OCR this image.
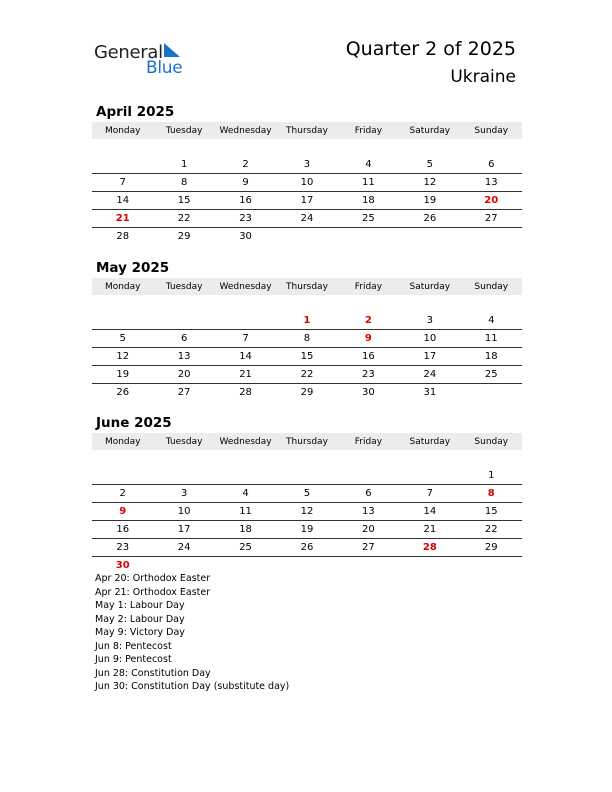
General
Blue
Quarter 2 of 2025
Ukraine
April 2025
Monday	Tuesday	Wednesday	Thursday	Friday	Saturday	Sunday

	1	2	3	4	5	6
7	8	9	10	11	12	13
14	15	16	17	18	19	20
21	22	23	24	25	26	27
28	29	30				
May 2025
Monday	Tuesday	Wednesday	Thursday	Friday	Saturday	Sunday

			1	2	3	4
5	6	7	8	9	10	11
12	13	14	15	16	17	18
19	20	21	22	23	24	25
26	27	28	29	30	31	
June 2025
Monday	Tuesday	Wednesday	Thursday	Friday	Saturday	Sunday

						1
2	3	4	5	6	7	8
9	10	11	12	13	14	15
16	17	18	19	20	21	22
23	24	25	26	27	28	29
30						
Apr 20: Orthodox Easter
Apr 21: Orthodox Easter
May 1: Labour Day
May 2: Labour Day
May 9: Victory Day
Jun 8: Pentecost
Jun 9: Pentecost
Jun 28: Constitution Day
Jun 30: Constitution Day (substitute day)
